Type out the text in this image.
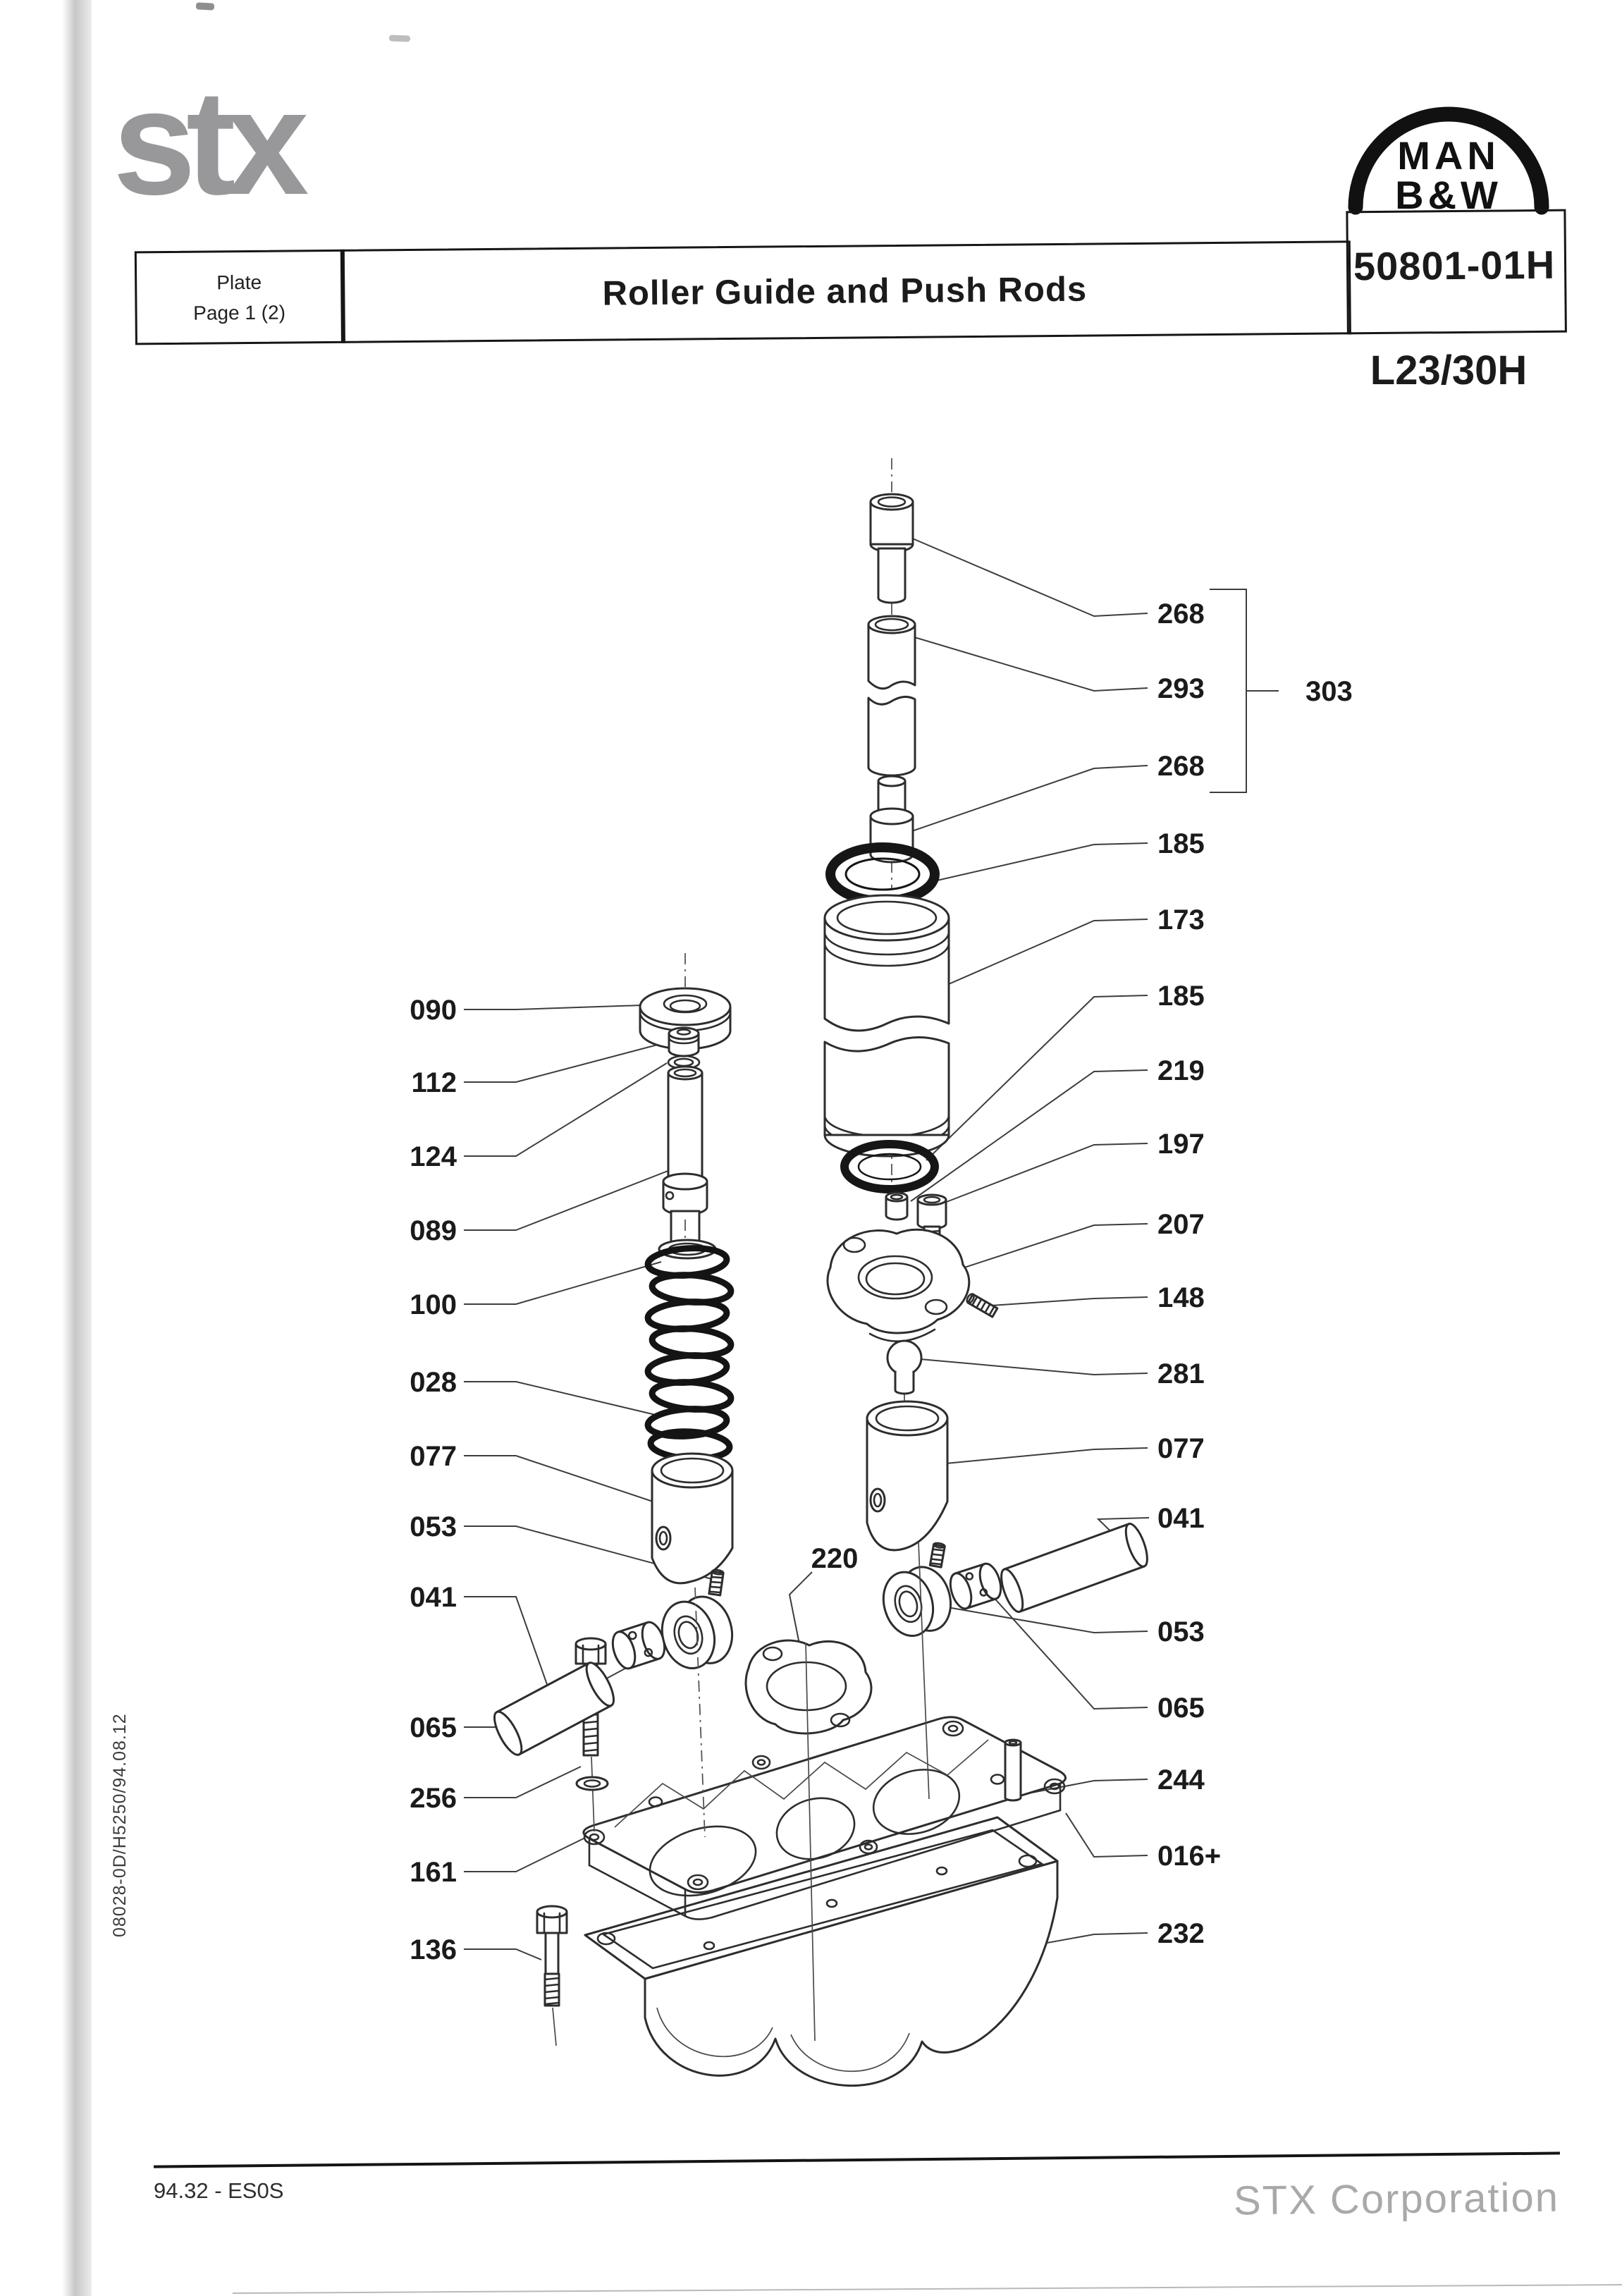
stx	MAN
B&W
Plate
Page 1 (2)
Roller Guide and Push Rods
50801-01H
L23/30H
268
293
268
303
185
173
185
219
197
207
148
281
077
041
053
065
244
016+
232
090
112
124
089
100
028
077
053
041
065
256
161
136
220
08028-0D/H5250/94.08.12
94.32 - ES0S	STX Corporation
